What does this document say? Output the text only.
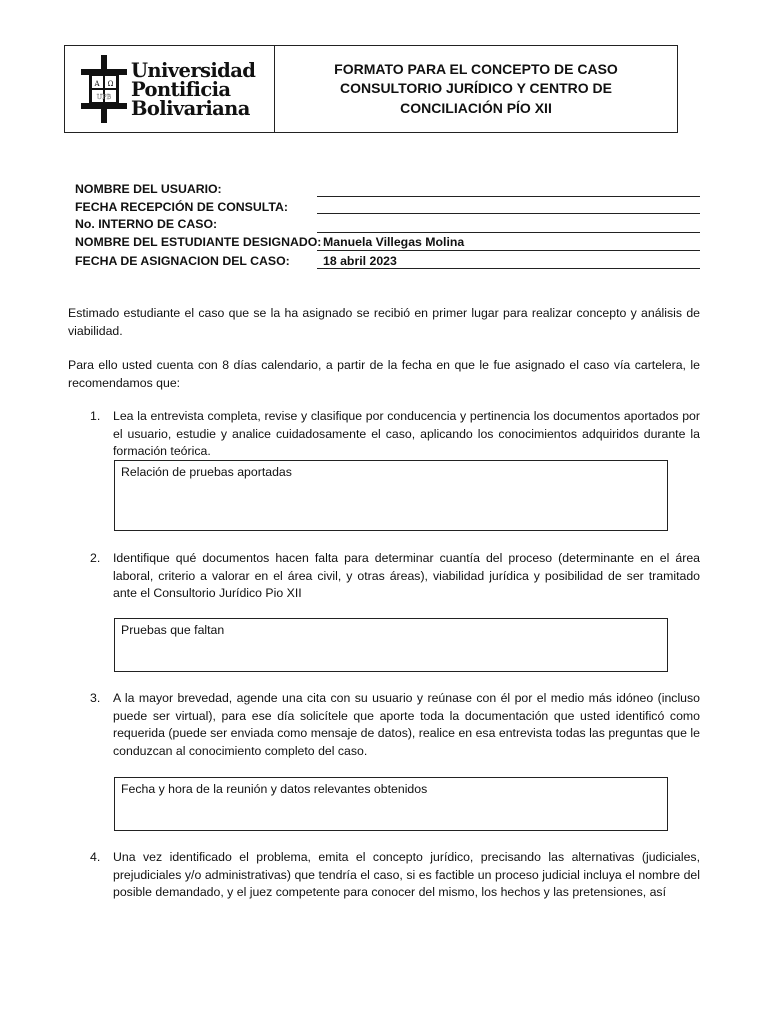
A Ω
UPB
Universidad
Pontificia
Bolivariana
FORMATO PARA EL CONCEPTO DE CASO
CONSULTORIO JURÍDICO Y CENTRO DE
CONCILIACIÓN PÍO XII
NOMBRE DEL USUARIO:
FECHA RECEPCIÓN DE CONSULTA:
No. INTERNO DE CASO:
NOMBRE DEL ESTUDIANTE DESIGNADO: Manuela Villegas Molina
FECHA DE ASIGNACION DEL CASO:	18 abril 2023
Estimado estudiante el caso que se la ha asignado se recibió en primer lugar para realizar concepto y análisis de viabilidad.
Para ello usted cuenta con 8 días calendario, a partir de la fecha en que le fue asignado el caso vía cartelera, le recomendamos que:
1. Lea la entrevista completa, revise y clasifique por conducencia y pertinencia los documentos aportados por el usuario, estudie y analice cuidadosamente el caso, aplicando los conocimientos adquiridos durante la formación teórica.
Relación de pruebas aportadas
2. Identifique qué documentos hacen falta para determinar cuantía del proceso (determinante en el área laboral, criterio a valorar en el área civil, y otras áreas), viabilidad jurídica y posibilidad de ser tramitado ante el Consultorio Jurídico Pio XII
Pruebas que faltan
3. A la mayor brevedad, agende una cita con su usuario y reúnase con él por el medio más idóneo (incluso puede ser virtual), para ese día solicítele que aporte toda la documentación que usted identificó como requerida (puede ser enviada como mensaje de datos), realice en esa entrevista todas las preguntas que le conduzcan al conocimiento completo del caso.
Fecha y hora de la reunión y datos relevantes obtenidos
4. Una vez identificado el problema, emita el concepto jurídico, precisando las alternativas (judiciales, prejudiciales y/o administrativas) que tendría el caso, si es factible un proceso judicial incluya el nombre del posible demandado, y el juez competente para conocer del mismo, los hechos y las pretensiones, así
